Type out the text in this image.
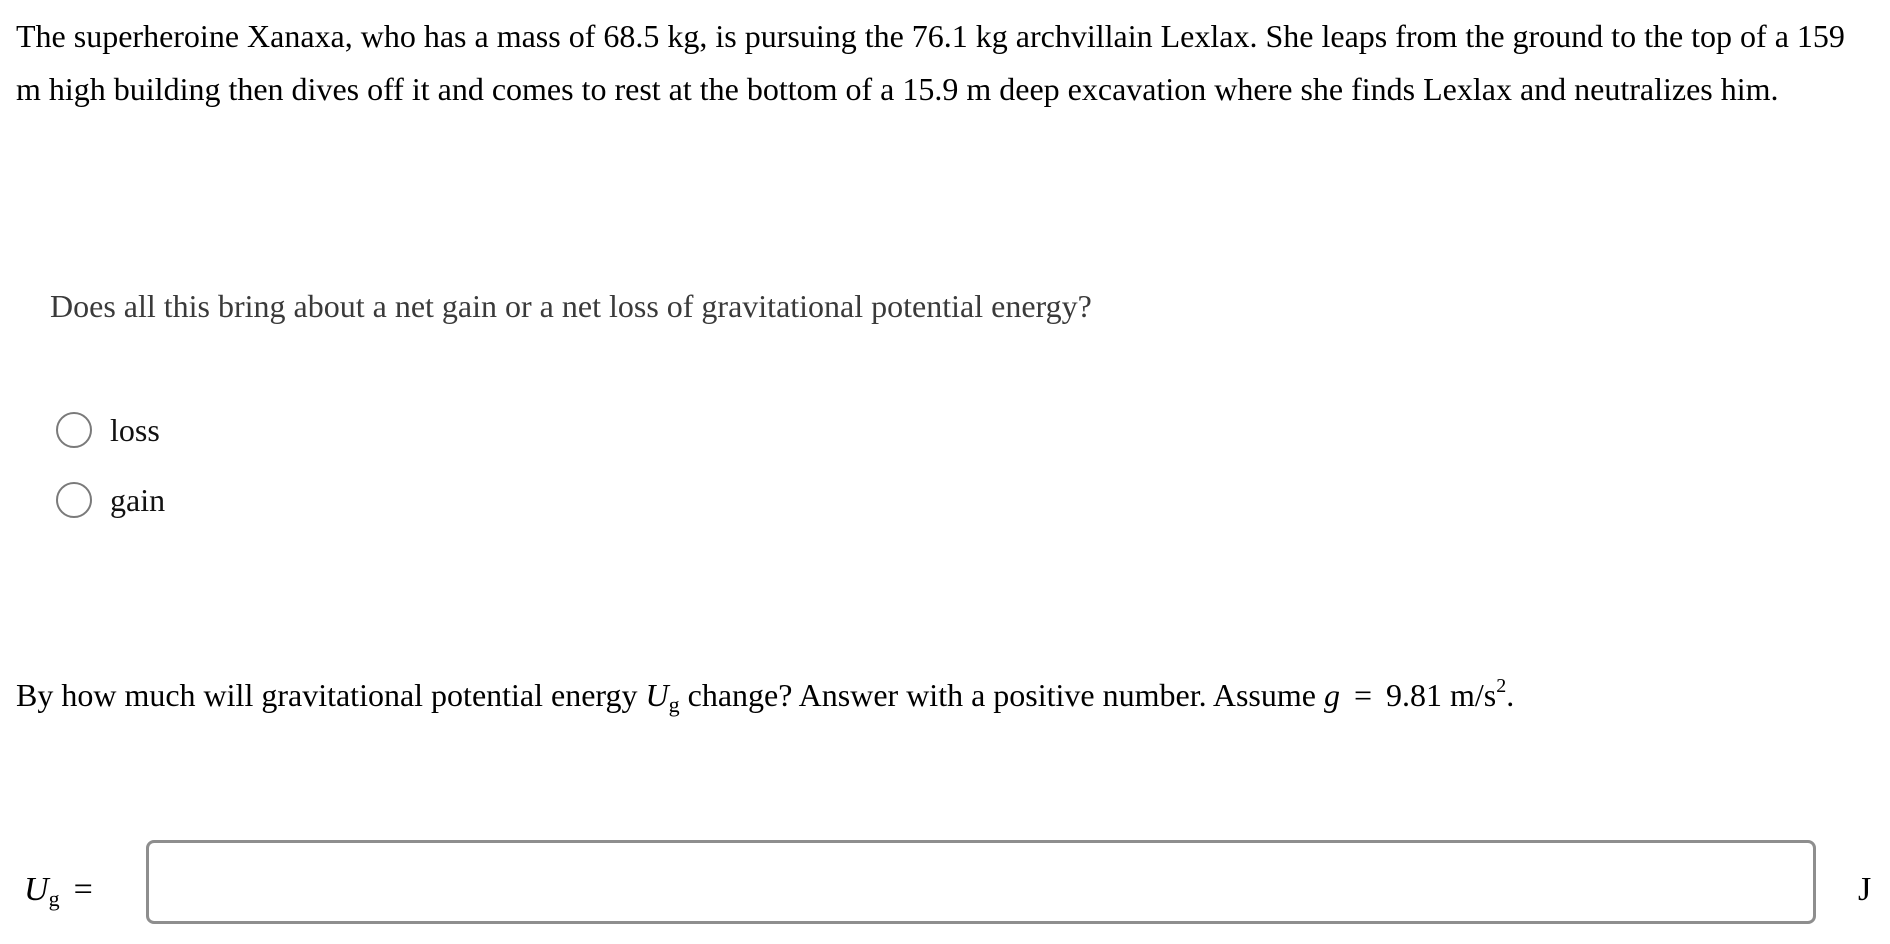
The superheroine Xanaxa, who has a mass of 68.5 kg, is pursuing the 76.1 kg archvillain Lexlax. She leaps from the ground to the top of a 159 m high building then dives off it and comes to rest at the bottom of a 15.9 m deep excavation where she finds Lexlax and neutralizes him.

Does all this bring about a net gain or a net loss of gravitational potential energy?

loss
gain

By how much will gravitational potential energy $U_g$ change? Answer with a positive number. Assume g = 9.81 $m/s^2$.

$U_g$ =	J
